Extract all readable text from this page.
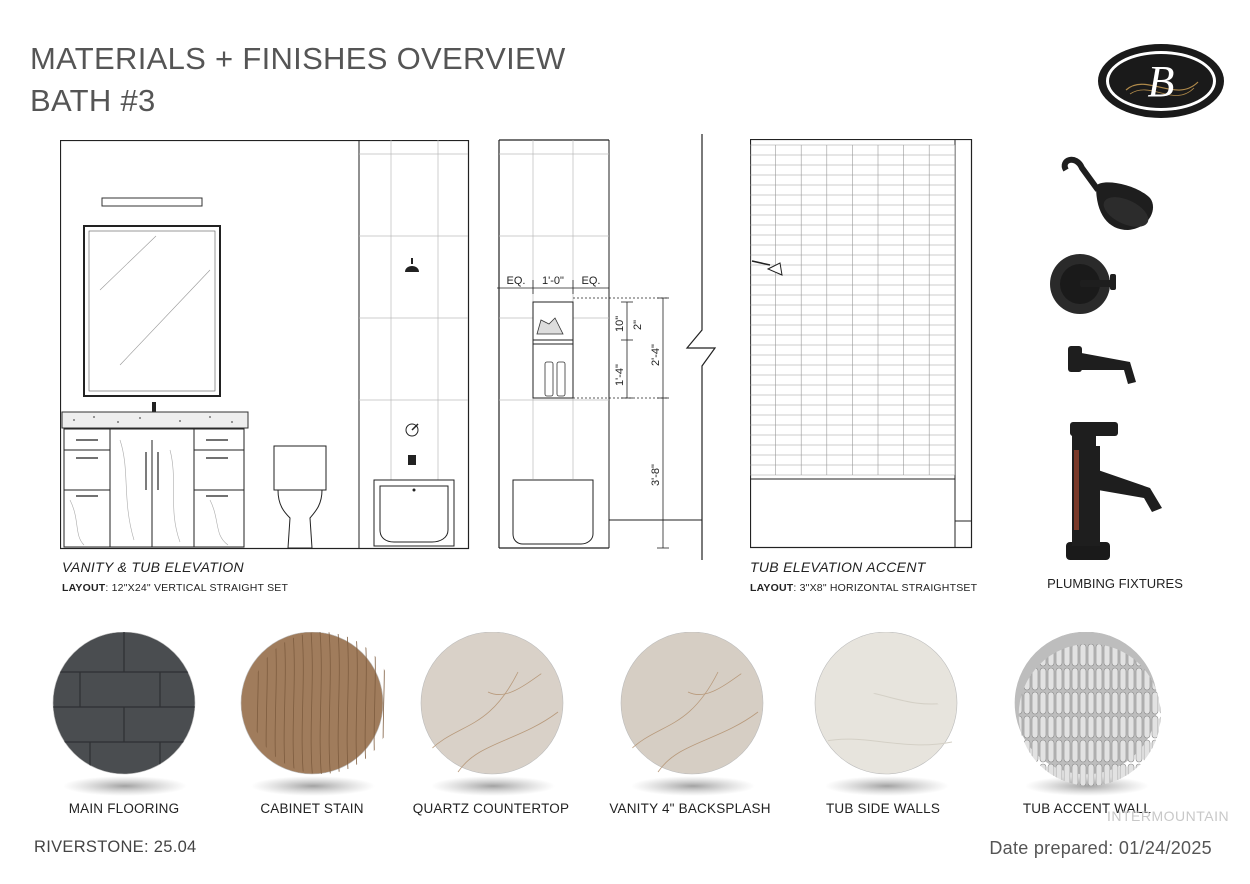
MATERIALS + FINISHES OVERVIEW
BATH #3	B
EQ. 1'-0" EQ.
10" 2"
1'-4"
2'-4"
3'-8"
VANITY & TUB ELEVATION
LAYOUT: 12"X24" VERTICAL STRAIGHT SET
TUB ELEVATION ACCENT
LAYOUT: 3"X8" HORIZONTAL STRAIGHTSET	PLUMBING FIXTURES
MAIN FLOORING	CABINET STAIN	QUARTZ COUNTERTOP	VANITY 4" BACKSPLASH	TUB SIDE WALLS	TUB ACCENT WALL
RIVERSTONE: 25.04	Date prepared: 01/24/2025
INTERMOUNTAIN
